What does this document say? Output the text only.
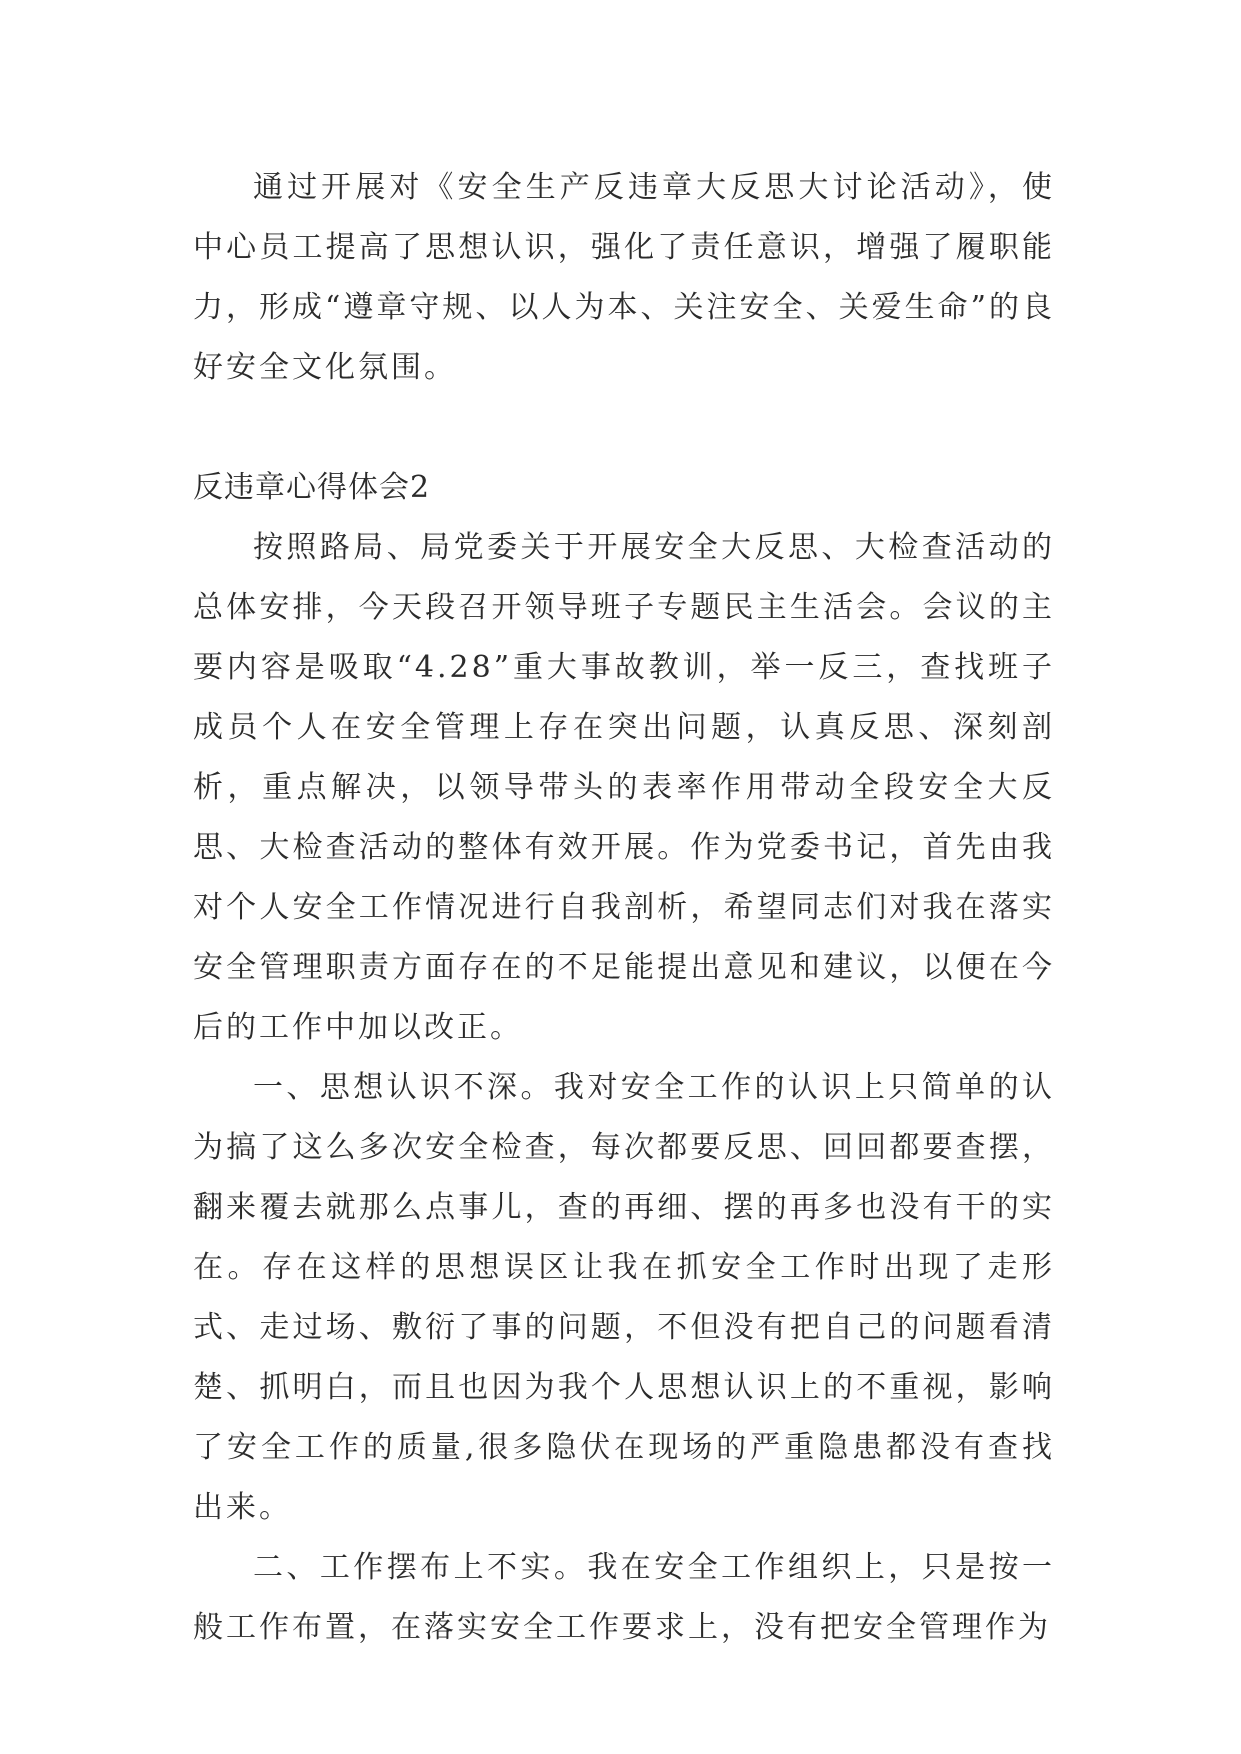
通过开展对《安全生产反违章大反思大讨论活动》，使中心员工提高了思想认识，强化了责任意识，增强了履职能力，形成“遵章守规、以人为本、关注安全、关爱生命”的良好安全文化氛围。

反违章心得体会2

按照路局、局党委关于开展安全大反思、大检查活动的总体安排，今天段召开领导班子专题民主生活会。会议的主要内容是吸取“4.28”重大事故教训，举一反三，查找班子成员个人在安全管理上存在突出问题，认真反思、深刻剖析，重点解决，以领导带头的表率作用带动全段安全大反思、大检查活动的整体有效开展。作为党委书记，首先由我对个人安全工作情况进行自我剖析，希望同志们对我在落实安全管理职责方面存在的不足能提出意见和建议，以便在今后的工作中加以改正。

一、思想认识不深。我对安全工作的认识上只简单的认为搞了这么多次安全检查，每次都要反思、回回都要查摆，翻来覆去就那么点事儿，查的再细、摆的再多也没有干的实在。存在这样的思想误区让我在抓安全工作时出现了走形式、走过场、敷衍了事的问题，不但没有把自己的问题看清楚、抓明白，而且也因为我个人思想认识上的不重视，影响了安全工作的质量,很多隐伏在现场的严重隐患都没有查找出来。

二、工作摆布上不实。我在安全工作组织上，只是按一般工作布置，在落实安全工作要求上，没有把安全管理作为
